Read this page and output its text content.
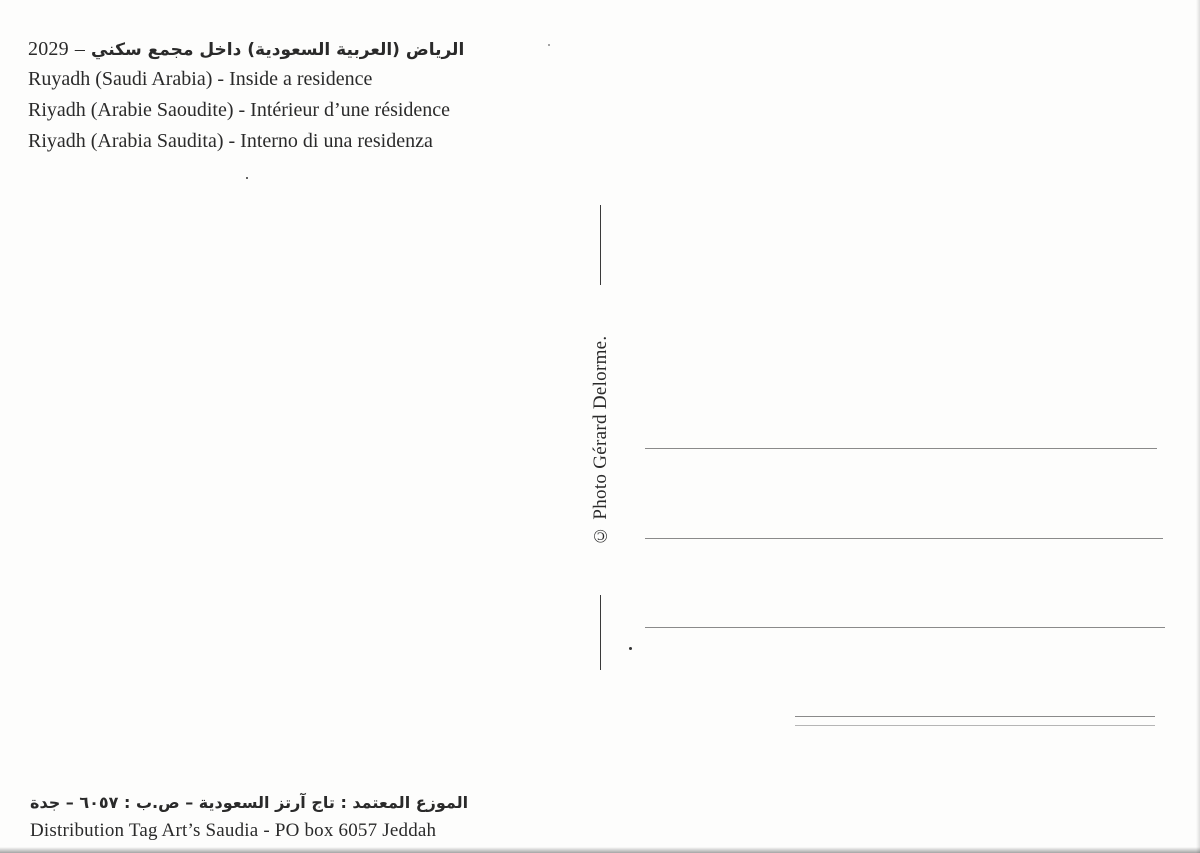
2029 – الرياض (العربية السعودية) داخل مجمع سكني
Ruyadh (Saudi Arabia) - Inside a residence
Riyadh (Arabie Saoudite) - Intérieur d’une résidence
Riyadh (Arabia Saudita) - Interno di una residenza
© Photo Gérard Delorme.
الموزع المعتمد : تاج آرتز السعودية – ص.ب : ٦٠٥٧ – جدة
Distribution Tag Art’s Saudia - PO box 6057 Jeddah
